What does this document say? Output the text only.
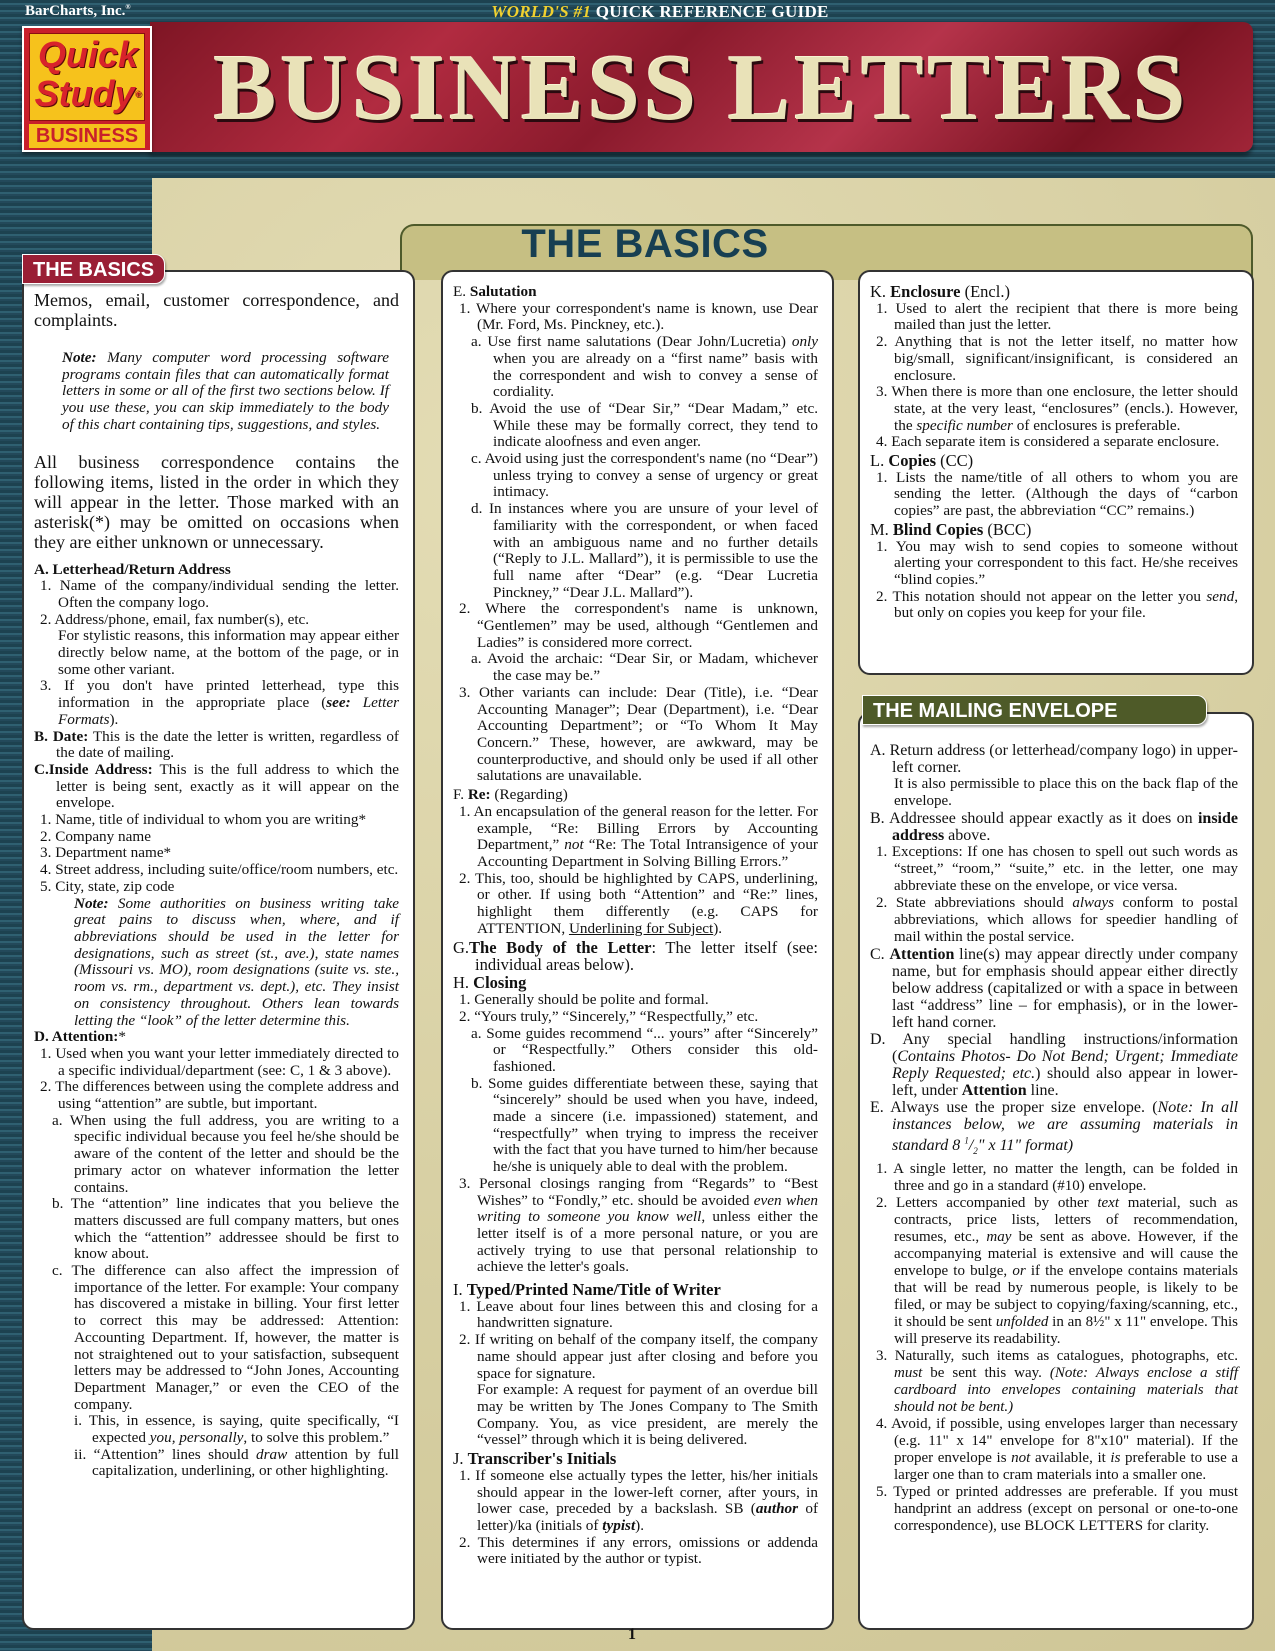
BarCharts, Inc.®	WORLD'S #1 QUICK REFERENCE GUIDE
BUSINESS LETTERS
Quick
Study®
BUSINESS
THE BASICS

Memos, email, customer correspondence, and complaints.

Note: Many computer word processing software programs contain files that can automatically format letters in some or all of the first two sections below. If you use these, you can skip immediately to the body of this chart containing tips, suggestions, and styles.

All business correspondence contains the following items, listed in the order in which they will appear in the letter. Those marked with an asterisk(*) may be omitted on occasions when they are either unknown or unnecessary.

A. Letterhead/Return Address

1. Name of the company/individual sending the letter. Often the company logo.

2. Address/phone, email, fax number(s), etc.

For stylistic reasons, this information may appear either directly below name, at the bottom of the page, or in some other variant.

3. If you don't have printed letterhead, type this information in the appropriate place (see: Letter Formats).

B. Date: This is the date the letter is written, regardless of the date of mailing.

C.Inside Address: This is the full address to which the letter is being sent, exactly as it will appear on the envelope.

1. Name, title of individual to whom you are writing*

2. Company name

3. Department name*

4. Street address, including suite/office/room numbers, etc.

5. City, state, zip code

Note: Some authorities on business writing take great pains to discuss when, where, and if abbreviations should be used in the letter for designations, such as street (st., ave.), state names (Missouri vs. MO), room designations (suite vs. ste., room vs. rm., department vs. dept.), etc. They insist on consistency throughout. Others lean towards letting the “look” of the letter determine this.

D. Attention:*

1. Used when you want your letter immediately directed to a specific individual/department (see: C, 1 & 3 above).

2. The differences between using the complete address and using “attention” are subtle, but important.

a. When using the full address, you are writing to a specific individual because you feel he/she should be aware of the content of the letter and should be the primary actor on whatever information the letter contains.

b. The “attention” line indicates that you believe the matters discussed are full company matters, but ones which the “attention” addressee should be first to know about.

c. The difference can also affect the impression of importance of the letter. For example: Your company has discovered a mistake in billing. Your first letter to correct this may be addressed: Attention: Accounting Department. If, however, the matter is not straightened out to your satisfaction, subsequent letters may be addressed to “John Jones, Accounting Department Manager,” or even the CEO of the company.

i. This, in essence, is saying, quite specifically, “I expected you, personally, to solve this problem.”

ii. “Attention” lines should draw attention by full capitalization, underlining, or other highlighting.

THE BASICS

E. Salutation

1. Where your correspondent's name is known, use Dear (Mr. Ford, Ms. Pinckney, etc.).

a. Use first name salutations (Dear John/Lucretia) only when you are already on a “first name” basis with the correspondent and wish to convey a sense of cordiality.

b. Avoid the use of “Dear Sir,” “Dear Madam,” etc. While these may be formally correct, they tend to indicate aloofness and even anger.

c. Avoid using just the correspondent's name (no “Dear”) unless trying to convey a sense of urgency or great intimacy.

d. In instances where you are unsure of your level of familiarity with the correspondent, or when faced with an ambiguous name and no further details (“Reply to J.L. Mallard”), it is permissible to use the full name after “Dear” (e.g. “Dear Lucretia Pinckney,” “Dear J.L. Mallard”).

2. Where the correspondent's name is unknown, “Gentlemen” may be used, although “Gentlemen and Ladies” is considered more correct.

a. Avoid the archaic: “Dear Sir, or Madam, whichever the case may be.”

3. Other variants can include: Dear (Title), i.e. “Dear Accounting Manager”; Dear (Department), i.e. “Dear Accounting Department”; or “To Whom It May Concern.” These, however, are awkward, may be counterproductive, and should only be used if all other salutations are unavailable.

F. Re: (Regarding)

1. An encapsulation of the general reason for the letter. For example, “Re: Billing Errors by Accounting Department,” not “Re: The Total Intransigence of your Accounting Department in Solving Billing Errors.”

2. This, too, should be highlighted by CAPS, underlining, or other. If using both “Attention” and “Re:” lines, highlight them differently (e.g. CAPS for ATTENTION, Underlining for Subject).

G.The Body of the Letter: The letter itself (see: individual areas below).

H. Closing

1. Generally should be polite and formal.

2. “Yours truly,” “Sincerely,” “Respectfully,” etc.

a. Some guides recommend “... yours” after “Sincerely” or “Respectfully.” Others consider this old-fashioned.

b. Some guides differentiate between these, saying that “sincerely” should be used when you have, indeed, made a sincere (i.e. impassioned) statement, and “respectfully” when trying to impress the receiver with the fact that you have turned to him/her because he/she is uniquely able to deal with the problem.

3. Personal closings ranging from “Regards” to “Best Wishes” to “Fondly,” etc. should be avoided even when writing to someone you know well, unless either the letter itself is of a more personal nature, or you are actively trying to use that personal relationship to achieve the letter's goals.

I. Typed/Printed Name/Title of Writer

1. Leave about four lines between this and closing for a handwritten signature.

2. If writing on behalf of the company itself, the company name should appear just after closing and before you space for signature.

For example: A request for payment of an overdue bill may be written by The Jones Company to The Smith Company. You, as vice president, are merely the “vessel” through which it is being delivered.

J. Transcriber's Initials

1. If someone else actually types the letter, his/her initials should appear in the lower-left corner, after yours, in lower case, preceded by a backslash. SB (author of letter)/ka (initials of typist).

2. This determines if any errors, omissions or addenda were initiated by the author or typist.

K. Enclosure (Encl.)

1. Used to alert the recipient that there is more being mailed than just the letter.

2. Anything that is not the letter itself, no matter how big/small, significant/insignificant, is considered an enclosure.

3. When there is more than one enclosure, the letter should state, at the very least, “enclosures” (encls.). However, the specific number of enclosures is preferable.

4. Each separate item is considered a separate enclosure.

L. Copies (CC)

1. Lists the name/title of all others to whom you are sending the letter. (Although the days of “carbon copies” are past, the abbreviation “CC” remains.)

M. Blind Copies (BCC)

1. You may wish to send copies to someone without alerting your correspondent to this fact. He/she receives “blind copies.”

2. This notation should not appear on the letter you send, but only on copies you keep for your file.

A. Return address (or letterhead/company logo) in upper-left corner.

It is also permissible to place this on the back flap of the envelope.

B. Addressee should appear exactly as it does on inside address above.

1. Exceptions: If one has chosen to spell out such words as “street,” “room,” “suite,” etc. in the letter, one may abbreviate these on the envelope, or vice versa.

2. State abbreviations should always conform to postal abbreviations, which allows for speedier handling of mail within the postal service.

C. Attention line(s) may appear directly under company name, but for emphasis should appear either directly below address (capitalized or with a space in between last “address” line – for emphasis), or in the lower-left hand corner.

D. Any special handling instructions/information (Contains Photos- Do Not Bend; Urgent; Immediate Reply Requested; etc.) should also appear in lower-left, under Attention line.

E. Always use the proper size envelope. (Note: In all instances below, we are assuming materials in standard 8 $^1/_2$" x 11" format)

1. A single letter, no matter the length, can be folded in three and go in a standard (#10) envelope.

2. Letters accompanied by other text material, such as contracts, price lists, letters of recommendation, resumes, etc., may be sent as above. However, if the accompanying material is extensive and will cause the envelope to bulge, or if the envelope contains materials that will be read by numerous people, is likely to be filed, or may be subject to copying/faxing/scanning, etc., it should be sent unfolded in an 8½" x 11" envelope. This will preserve its readability.

3. Naturally, such items as catalogues, photographs, etc. must be sent this way. (Note: Always enclose a stiff cardboard into envelopes containing materials that should not be bent.)

4. Avoid, if possible, using envelopes larger than necessary (e.g. 11" x 14" envelope for 8"x10" material). If the proper envelope is not available, it is preferable to use a larger one than to cram materials into a smaller one.

5. Typed or printed addresses are preferable. If you must handprint an address (except on personal or one-to-one correspondence), use BLOCK LETTERS for clarity.

THE MAILING ENVELOPE
1
